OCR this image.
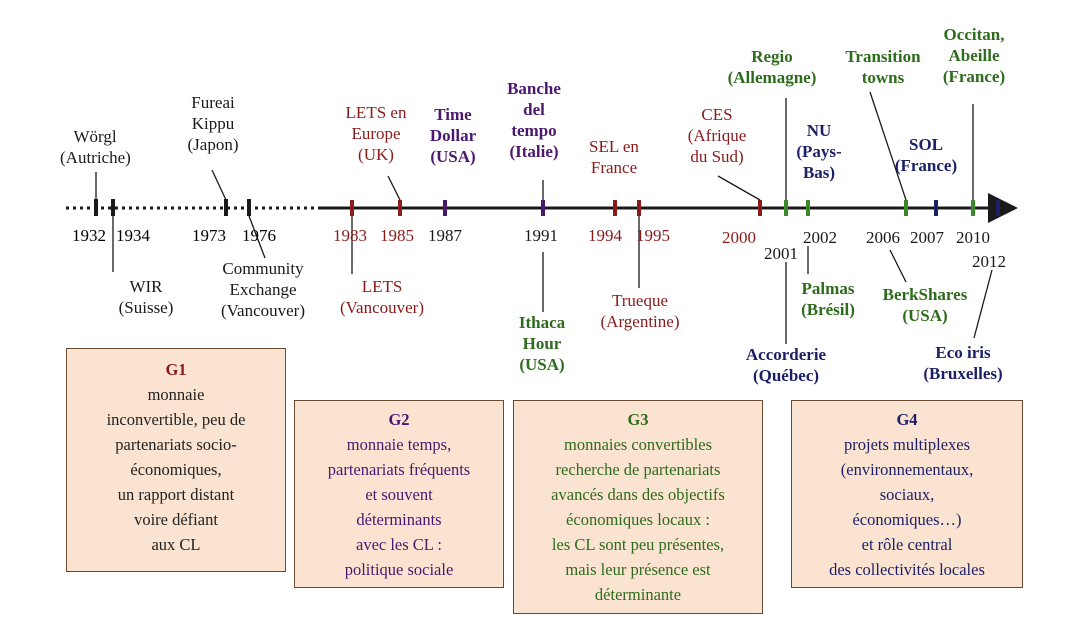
Wörgl
(Autriche)
1932 1934
WIR
(Suisse)
Fureai
Kippu
(Japon)
1973 1976
Community
Exchange
(Vancouver)
1983
LETS
(Vancouver)
LETS en
Europe
(UK)
1985
Time
Dollar
(USA)
1987
Banche
del
tempo
(Italie)
1991
Ithaca
Hour
(USA)
SEL en
France
1994 1995
Trueque
(Argentine)
CES
(Afrique
du Sud)
2000
Regio
(Allemagne)
2001
Accorderie
(Québec)
NU
(Pays-
Bas)
2002
Palmas
(Brésil)
Transition
towns
2006
BerkShares
(USA)
SOL
(France)
2007
Occitan,
Abeille
(France)
2010
2012
Eco iris
(Bruxelles)
G1
monnaie
inconvertible, peu de
partenariats socio-
économiques,
un rapport distant
voire défiant
aux CL
G2
monnaie temps,
partenariats fréquents
et souvent
déterminants
avec les CL :
politique sociale
G3
monnaies convertibles
recherche de partenariats
avancés dans des objectifs
économiques locaux :
les CL sont peu présentes,
mais leur présence est
déterminante
G4
projets multiplexes
(environnementaux,
sociaux,
économiques…)
et rôle central
des collectivités locales
